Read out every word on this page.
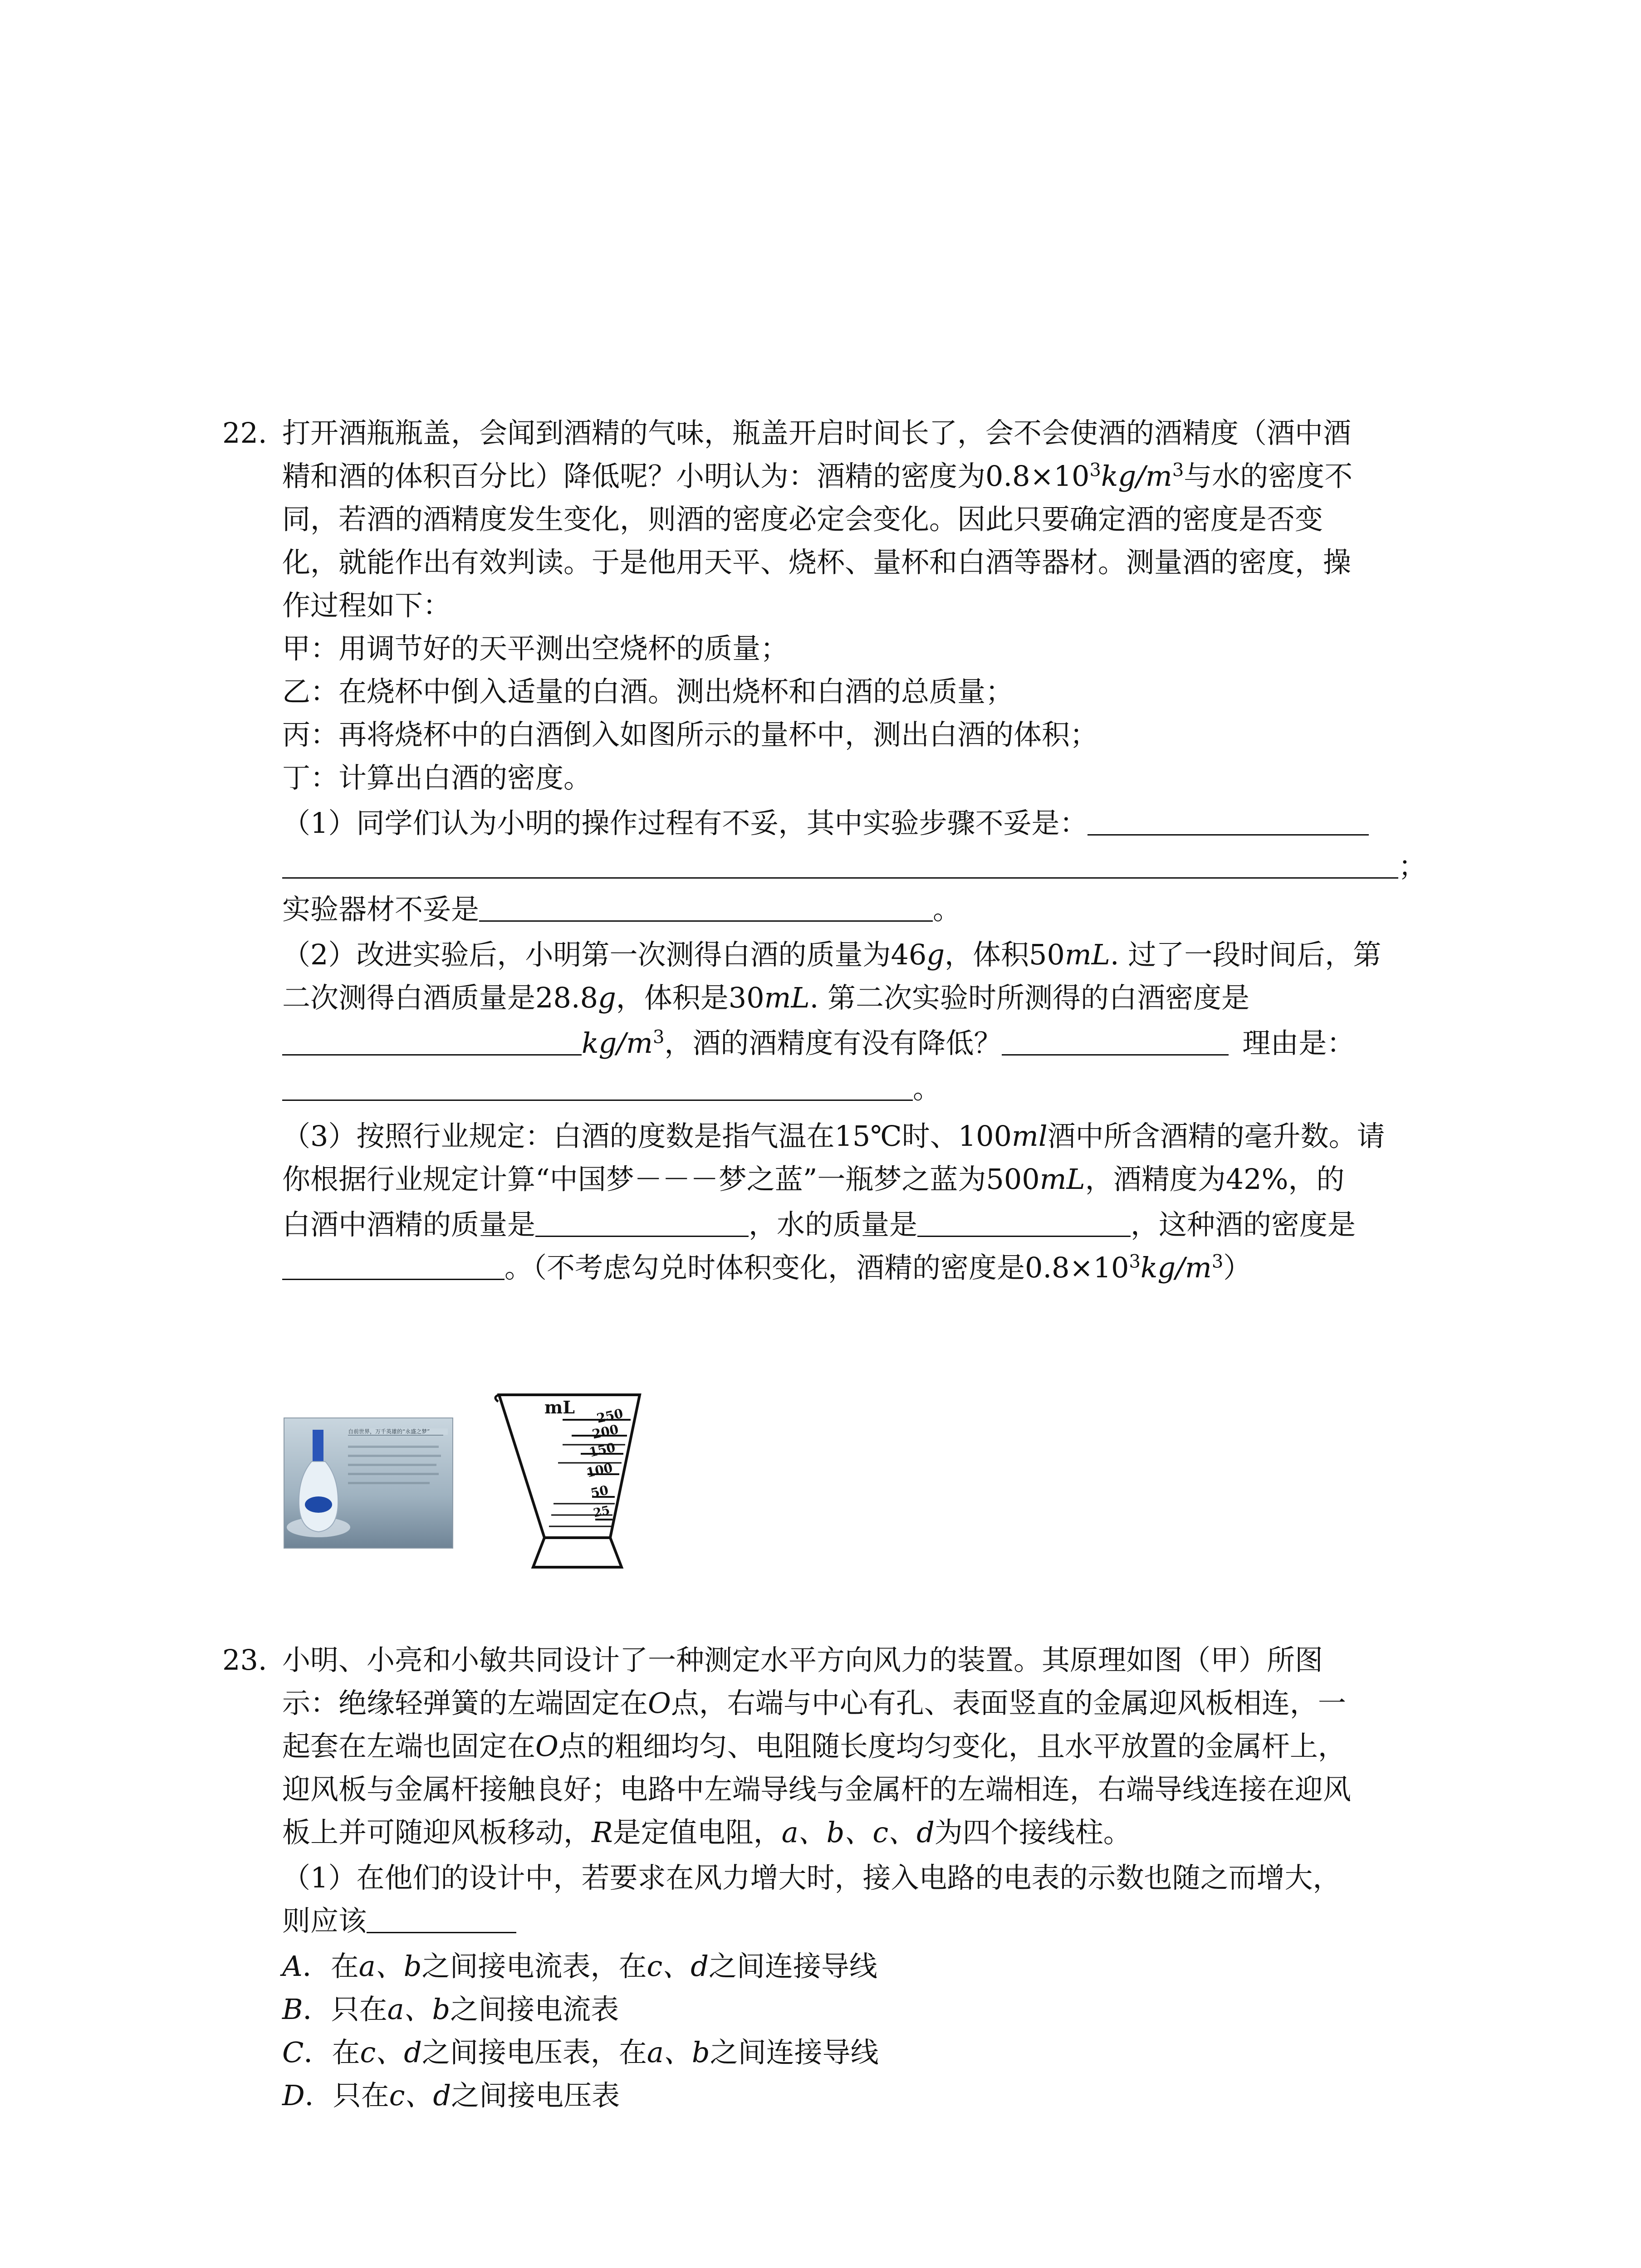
22. 打开酒瓶瓶盖，会闻到酒精的气味，瓶盖开启时间长了，会不会使酒的酒精度（酒中酒
精和酒的体积百分比）降低呢？小明认为：酒精的密度为$0.8\times 10^3kg/m^3$与水的密度不
同，若酒的酒精度发生变化，则酒的密度必定会变化。因此只要确定酒的密度是否变
化，就能作出有效判读。于是他用天平、烧杯、量杯和白酒等器材。测量酒的密度，操
作过程如下：
甲：用调节好的天平测出空烧杯的质量；
乙：在烧杯中倒入适量的白酒。测出烧杯和白酒的总质量；
丙：再将烧杯中的白酒倒入如图所示的量杯中，测出白酒的体积；
丁：计算出白酒的密度。
（1）同学们认为小明的操作过程有不妥，其中实验步骤不妥是：
；
实验器材不妥是	。
（2）改进实验后，小明第一次测得白酒的质量为46g，体积50mL. 过了一段时间后，第
二次测得白酒质量是28.8g，体积是30mL. 第二次实验时所测得的白酒密度是
$kg/m^3$，酒的酒精度有没有降低？	理由是：
。
（3）按照行业规定：白酒的度数是指气温在15℃时、100ml酒中所含酒精的毫升数。请
你根据行业规定计算“中国梦－－－梦之蓝”一瓶梦之蓝为500mL，酒精度为42%，的
白酒中酒精的质量是	，水的质量是	，这种酒的密度是
。（不考虑勾兑时体积变化，酒精的密度是$0.8\times 10^3kg/m^3$）
自前世界，万千英雄的“永盛之梦”
mL 250
200
150
100
50
25
23. 小明、小亮和小敏共同设计了一种测定水平方向风力的装置。其原理如图（甲）所图
示：绝缘轻弹簧的左端固定在O点，右端与中心有孔、表面竖直的金属迎风板相连，一
起套在左端也固定在O点的粗细均匀、电阻随长度均匀变化，且水平放置的金属杆上，
迎风板与金属杆接触良好；电路中左端导线与金属杆的左端相连，右端导线连接在迎风
板上并可随迎风板移动，R是定值电阻，a、b、c、d为四个接线柱。
（1）在他们的设计中，若要求在风力增大时，接入电路的电表的示数也随之而增大，
则应该
A．在a、b之间接电流表，在c、d之间连接导线
B．只在a、b之间接电流表
C．在c、d之间接电压表，在a、b之间连接导线
D．只在c、d之间接电压表
